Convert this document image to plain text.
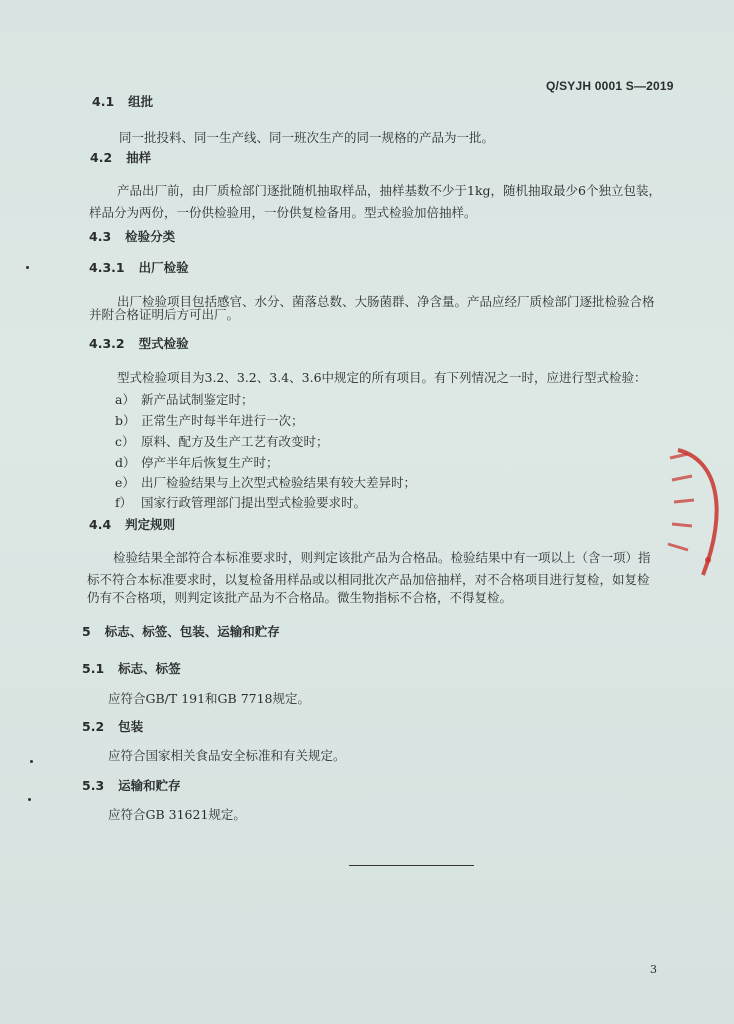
Q/SYJH 0001 S—2019
4.1 组批
同一批投料、同一生产线、同一班次生产的同一规格的产品为一批。
4.2 抽样
产品出厂前，由厂质检部门逐批随机抽取样品，抽样基数不少于1kg，随机抽取最少6个独立包装，
样品分为两份，一份供检验用，一份供复检备用。型式检验加倍抽样。
4.3 检验分类
4.3.1 出厂检验
出厂检验项目包括感官、水分、菌落总数、大肠菌群、净含量。产品应经厂质检部门逐批检验合格
并附合格证明后方可出厂。
4.3.2 型式检验
型式检验项目为3.2、3.2、3.4、3.6中规定的所有项目。有下列情况之一时，应进行型式检验：
a） 新产品试制鉴定时；
b） 正常生产时每半年进行一次；
c） 原料、配方及生产工艺有改变时；
d） 停产半年后恢复生产时；
e） 出厂检验结果与上次型式检验结果有较大差异时；
f） 国家行政管理部门提出型式检验要求时。
4.4 判定规则
检验结果全部符合本标准要求时，则判定该批产品为合格品。检验结果中有一项以上（含一项）指
标不符合本标准要求时，以复检备用样品或以相同批次产品加倍抽样，对不合格项目进行复检，如复检
仍有不合格项，则判定该批产品为不合格品。微生物指标不合格，不得复检。
5 标志、标签、包装、运输和贮存
5.1 标志、标签
应符合GB/T 191和GB 7718规定。
5.2 包装
应符合国家相关食品安全标准和有关规定。
5.3 运输和贮存
应符合GB 31621规定。
3
